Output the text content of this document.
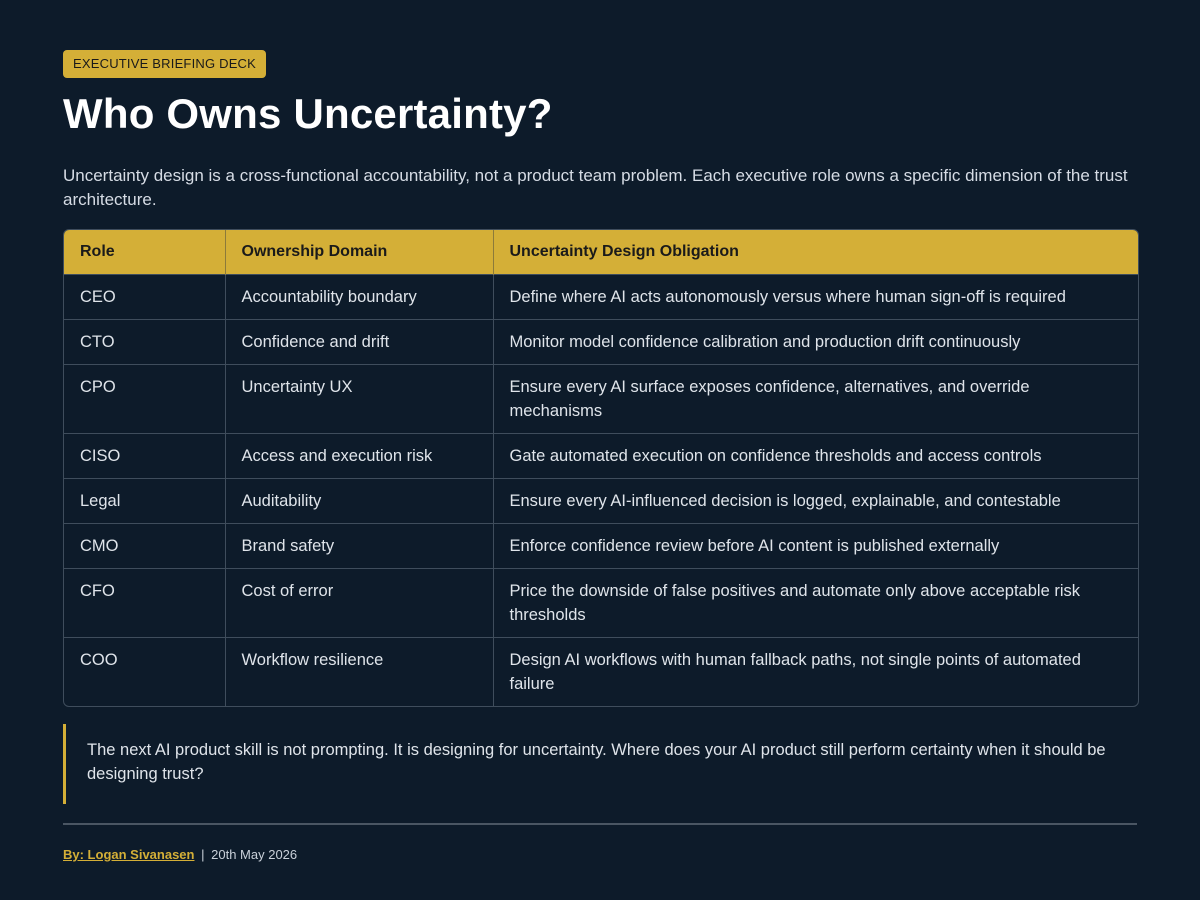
EXECUTIVE BRIEFING DECK
Who Owns Uncertainty?

Uncertainty design is a cross-functional accountability, not a product team problem. Each executive role owns a specific dimension of the trust architecture.

Role	Ownership Domain	Uncertainty Design Obligation
CEO	Accountability boundary	Define where AI acts autonomously versus where human sign-off is required
CTO	Confidence and drift	Monitor model confidence calibration and production drift continuously
CPO	Uncertainty UX	Ensure every AI surface exposes confidence, alternatives, and override mechanisms
CISO	Access and execution risk	Gate automated execution on confidence thresholds and access controls
Legal	Auditability	Ensure every AI-influenced decision is logged, explainable, and contestable
CMO	Brand safety	Enforce confidence review before AI content is published externally
CFO	Cost of error	Price the downside of false positives and automate only above acceptable risk thresholds
COO	Workflow resilience	Design AI workflows with human fallback paths, not single points of automated failure
The next AI product skill is not prompting. It is designing for uncertainty. Where does your AI product still perform certainty when it should be designing trust?
By: Logan Sivanasen | 20th May 2026
